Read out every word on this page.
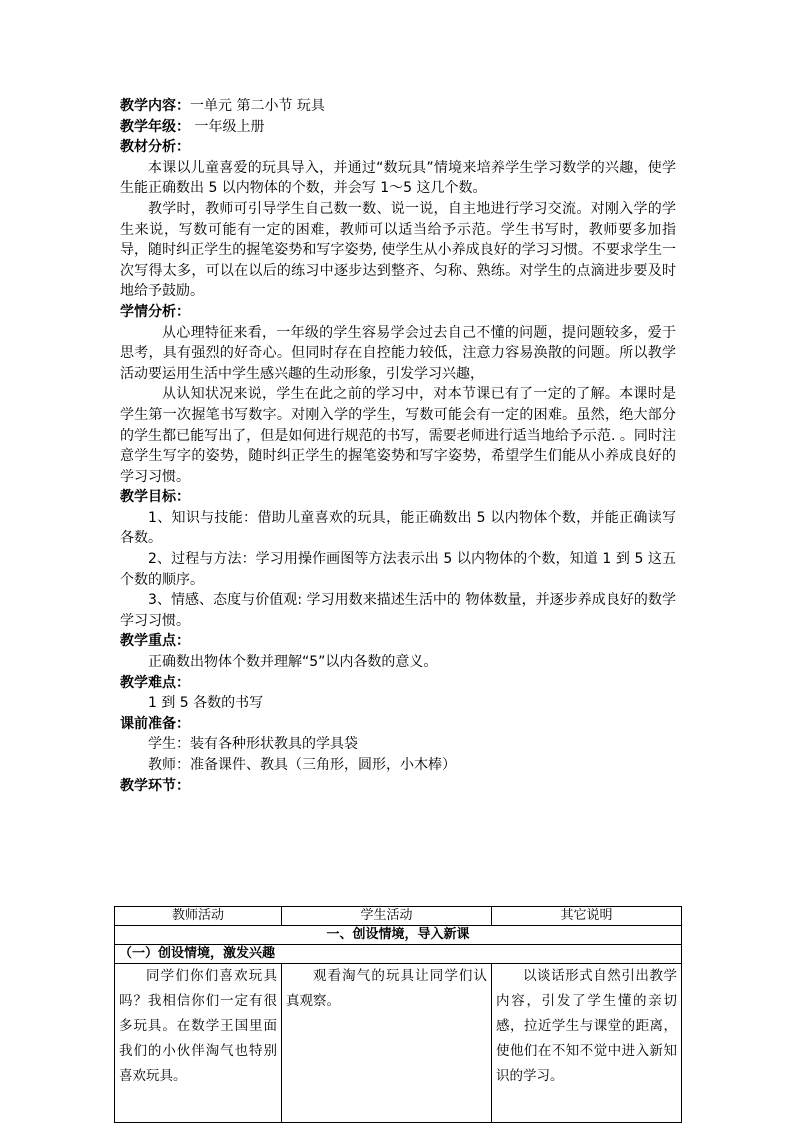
教学内容：一单元 第二小节 玩具

教学年级： 一年级上册

教材分析：

本课以儿童喜爱的玩具导入，并通过“数玩具”情境来培养学生学习数学的兴趣，使学生能正确数出 5 以内物体的个数，并会写 1～5 这几个数。

教学时，教师可引导学生自己数一数、说一说，自主地进行学习交流。对刚入学的学生来说，写数可能有一定的困难，教师可以适当给予示范。学生书写时，教师要多加指导，随时纠正学生的握笔姿势和写字姿势, 使学生从小养成良好的学习习惯。不要求学生一次写得太多，可以在以后的练习中逐步达到整齐、匀称、熟练。对学生的点滴进步要及时地给予鼓励。

学情分析：

从心理特征来看，一年级的学生容易学会过去自己不懂的问题，提问题较多，爱于思考，具有强烈的好奇心。但同时存在自控能力较低，注意力容易涣散的问题。所以教学活动要运用生活中学生感兴趣的生动形象，引发学习兴趣，

从认知状况来说，学生在此之前的学习中，对本节课已有了一定的了解。本课时是学生第一次握笔书写数字。对刚入学的学生，写数可能会有一定的困难。虽然，绝大部分的学生都已能写出了，但是如何进行规范的书写，需要老师进行适当地给予示范. 。同时注意学生写字的姿势，随时纠正学生的握笔姿势和写字姿势，希望学生们能从小养成良好的学习习惯。

教学目标：

1、知识与技能：借助儿童喜欢的玩具，能正确数出 5 以内物体个数，并能正确读写各数。

2、过程与方法：学习用操作画图等方法表示出 5 以内物体的个数，知道 1 到 5 这五个数的顺序。

3、情感、态度与价值观: 学习用数来描述生活中的 物体数量，并逐步养成良好的数学学习习惯。

教学重点：

正确数出物体个数并理解“5”以内各数的意义。

教学难点：

1 到 5 各数的书写

课前准备：

学生：装有各种形状教具的学具袋

教师：准备课件、教具（三角形，圆形，小木棒）

教学环节：

教师活动	学生活动	其它说明
一、创设情境，导入新课		
（一）创设情境，激发兴趣		

同学们你们喜欢玩具吗？我相信你们一定有很多玩具。在数学王国里面我们的小伙伴淘气也特别喜欢玩具。	观看淘气的玩具让同学们认真观察。	以谈话形式自然引出教学内容，引发了学生懂的亲切感，拉近学生与课堂的距离，使他们在不知不觉中进入新知识的学习。
